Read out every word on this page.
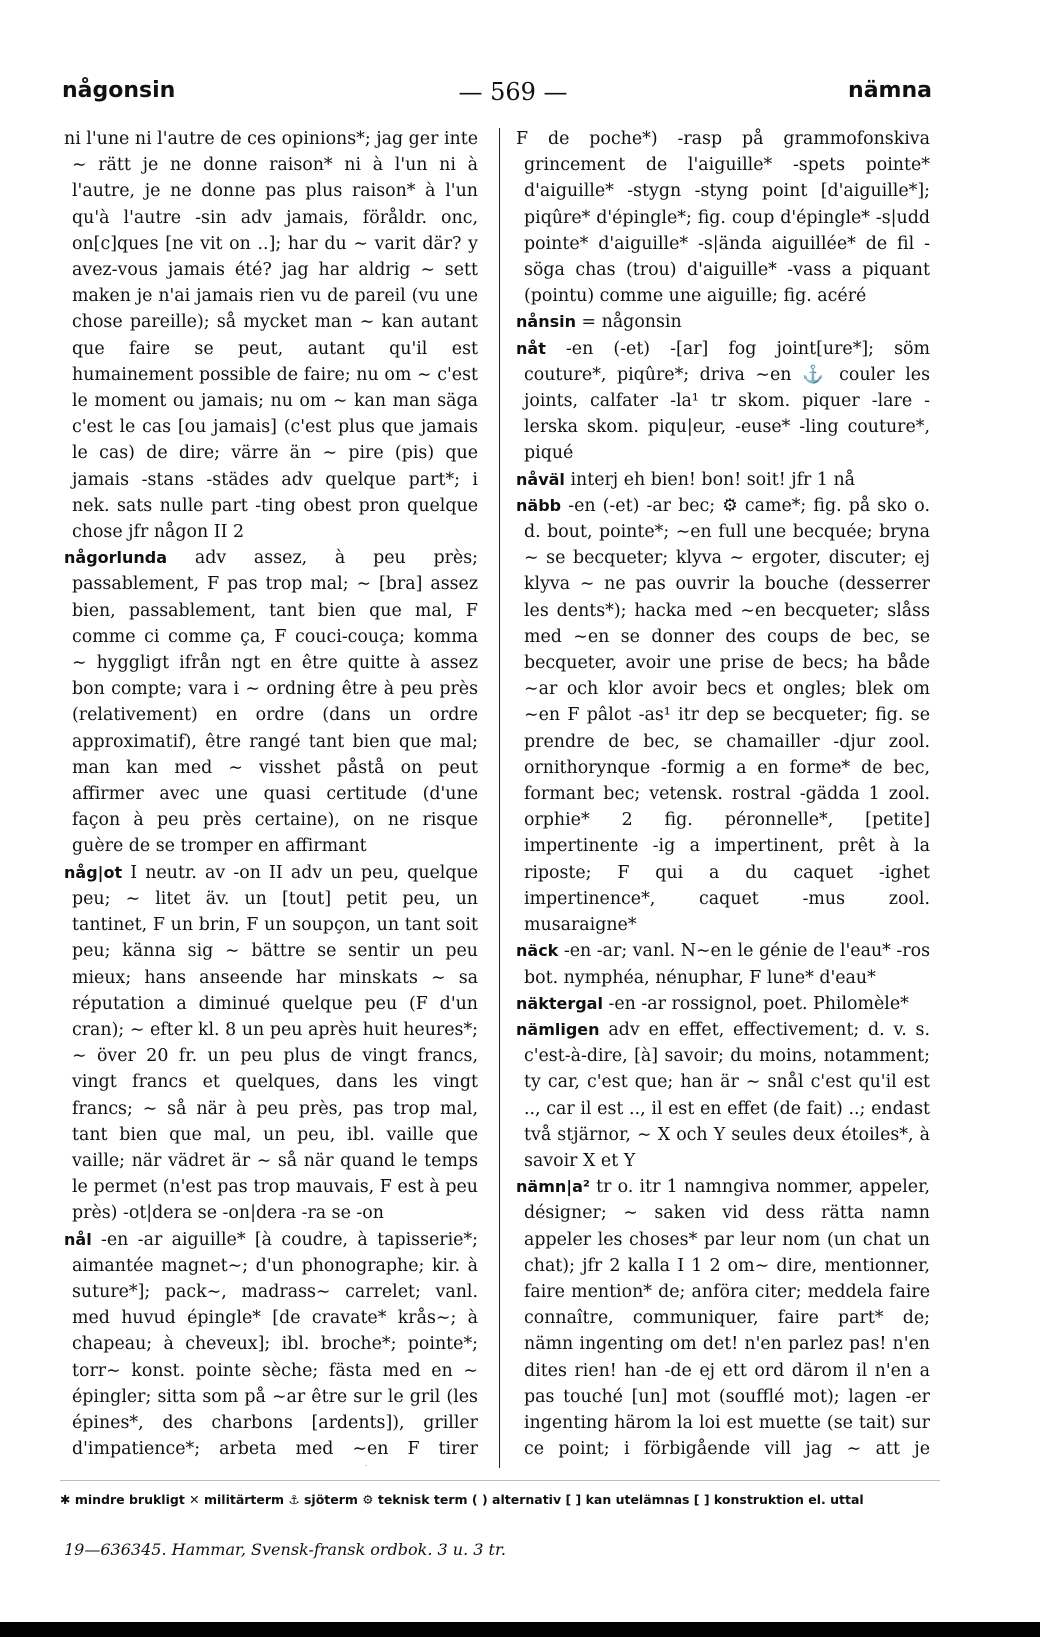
någonsin	— 569 —	nämna

ni l'une ni l'autre de ces opinions*; jag ger inte ∼ rätt je ne donne raison* ni à l'un ni à l'autre, je ne donne pas plus raison* à l'un qu'à l'autre -sin adv jamais, föråldr. onc, on[c]ques [ne vit on ..]; har du ∼ varit där? y avez-vous jamais été? jag har aldrig ∼ sett maken je n'ai jamais rien vu de pareil (vu une chose pareille); så mycket man ∼ kan autant que faire se peut, autant qu'il est humainement possible de faire; nu om ∼ c'est le moment ou jamais; nu om ∼ kan man säga c'est le cas [ou jamais] (c'est plus que jamais le cas) de dire; värre än ∼ pire (pis) que jamais -stans -städes adv quelque part*; i nek. sats nulle part -ting obest pron quelque chose jfr någon II 2

någorlunda adv assez, à peu près; passablement, F pas trop mal; ∼ [bra] assez bien, passablement, tant bien que mal, F comme ci comme ça, F couci-couça; komma ∼ hyggligt ifrån ngt en être quitte à assez bon compte; vara i ∼ ordning être à peu près (relativement) en ordre (dans un ordre approximatif), être rangé tant bien que mal; man kan med ∼ visshet påstå on peut affirmer avec une quasi certitude (d'une façon à peu près certaine), on ne risque guère de se tromper en affirmant

någ|ot I neutr. av -on II adv un peu, quelque peu; ∼ litet äv. un [tout] petit peu, un tantinet, F un brin, F un soupçon, un tant soit peu; känna sig ∼ bättre se sentir un peu mieux; hans anseende har minskats ∼ sa réputation a diminué quelque peu (F d'un cran); ∼ efter kl. 8 un peu après huit heures*; ∼ över 20 fr. un peu plus de vingt francs, vingt francs et quelques, dans les vingt francs; ∼ så när à peu près, pas trop mal, tant bien que mal, un peu, ibl. vaille que vaille; när vädret är ∼ så när quand le temps le permet (n'est pas trop mauvais, F est à peu près) -ot|dera se -on|dera -ra se -on

nål -en -ar aiguille* [à coudre, à tapisserie*; aimantée magnet∼; d'un phonographe; kir. à suture*]; pack∼, madrass∼ carrelet; vanl. med huvud épingle* [de cravate* krås∼; à chapeau; à cheveux]; ibl. broche*; pointe*; torr∼ konst. pointe sèche; fästa med en ∼ épingler; sitta som på ∼ar être sur le gril (les épines*, des charbons [ardents]), griller d'impatience*; arbeta med ∼en F tirer

F de poche*) -rasp på grammofonskiva grincement de l'aiguille* -spets pointe* d'aiguille* -stygn -styng point [d'aiguille*]; piqûre* d'épingle*; fig. coup d'épingle* -s|udd pointe* d'aiguille* -s|ända aiguillée* de fil -söga chas (trou) d'aiguille* -vass a piquant (pointu) comme une aiguille; fig. acéré

nånsin = någonsin

nåt -en (-et) -[ar] fog joint[ure*]; söm couture*, piqûre*; driva ∼en ⚓ couler les joints, calfater -la¹ tr skom. piquer -lare -lerska skom. piqu|eur, -euse* -ling couture*, piqué

nåväl interj eh bien! bon! soit! jfr 1 nå

näbb -en (-et) -ar bec; ⚙ came*; fig. på sko o. d. bout, pointe*; ∼en full une becquée; bryna ∼ se becqueter; klyva ∼ ergoter, discuter; ej klyva ∼ ne pas ouvrir la bouche (desserrer les dents*); hacka med ∼en becqueter; slåss med ∼en se donner des coups de bec, se becqueter, avoir une prise de becs; ha både ∼ar och klor avoir becs et ongles; blek om ∼en F pâlot -as¹ itr dep se becqueter; fig. se prendre de bec, se chamailler -djur zool. ornithorynque -formig a en forme* de bec, formant bec; vetensk. rostral -gädda 1 zool. orphie* 2 fig. péronnelle*, [petite] impertinente -ig a impertinent, prêt à la riposte; F qui a du caquet -ighet impertinence*, caquet -mus zool. musaraigne*

näck -en -ar; vanl. N∼en le génie de l'eau* -ros bot. nymphéa, nénuphar, F lune* d'eau*

näktergal -en -ar rossignol, poet. Philomèle*

nämligen adv en effet, effectivement; d. v. s. c'est-à-dire, [à] savoir; du moins, notamment; ty car, c'est que; han är ∼ snål c'est qu'il est .., car il est .., il est en effet (de fait) ..; endast två stjärnor, ∼ X och Y seules deux étoiles*, à savoir X et Y

nämn|a² tr o. itr 1 namngiva nommer, appeler, désigner; ∼ saken vid dess rätta namn appeler les choses* par leur nom (un chat un chat); jfr 2 kalla I 1 2 om∼ dire, mentionner, faire mention* de; anföra citer; meddela faire connaître, communiquer, faire part* de; nämn ingenting om det! n'en parlez pas! n'en dites rien! han -de ej ett ord därom il n'en a pas touché [un] mot (soufflé mot); lagen -er ingenting härom la loi est muette (se tait) sur ce point; i förbigående vill jag ∼ att je

✱ mindre brukligt ✕ militärterm ⚓ sjöterm ⚙ teknisk term ( ) alternativ [ ] kan utelämnas [ ] konstruktion el. uttal
19—636345. Hammar, Svensk-fransk ordbok. 3 u. 3 tr.
